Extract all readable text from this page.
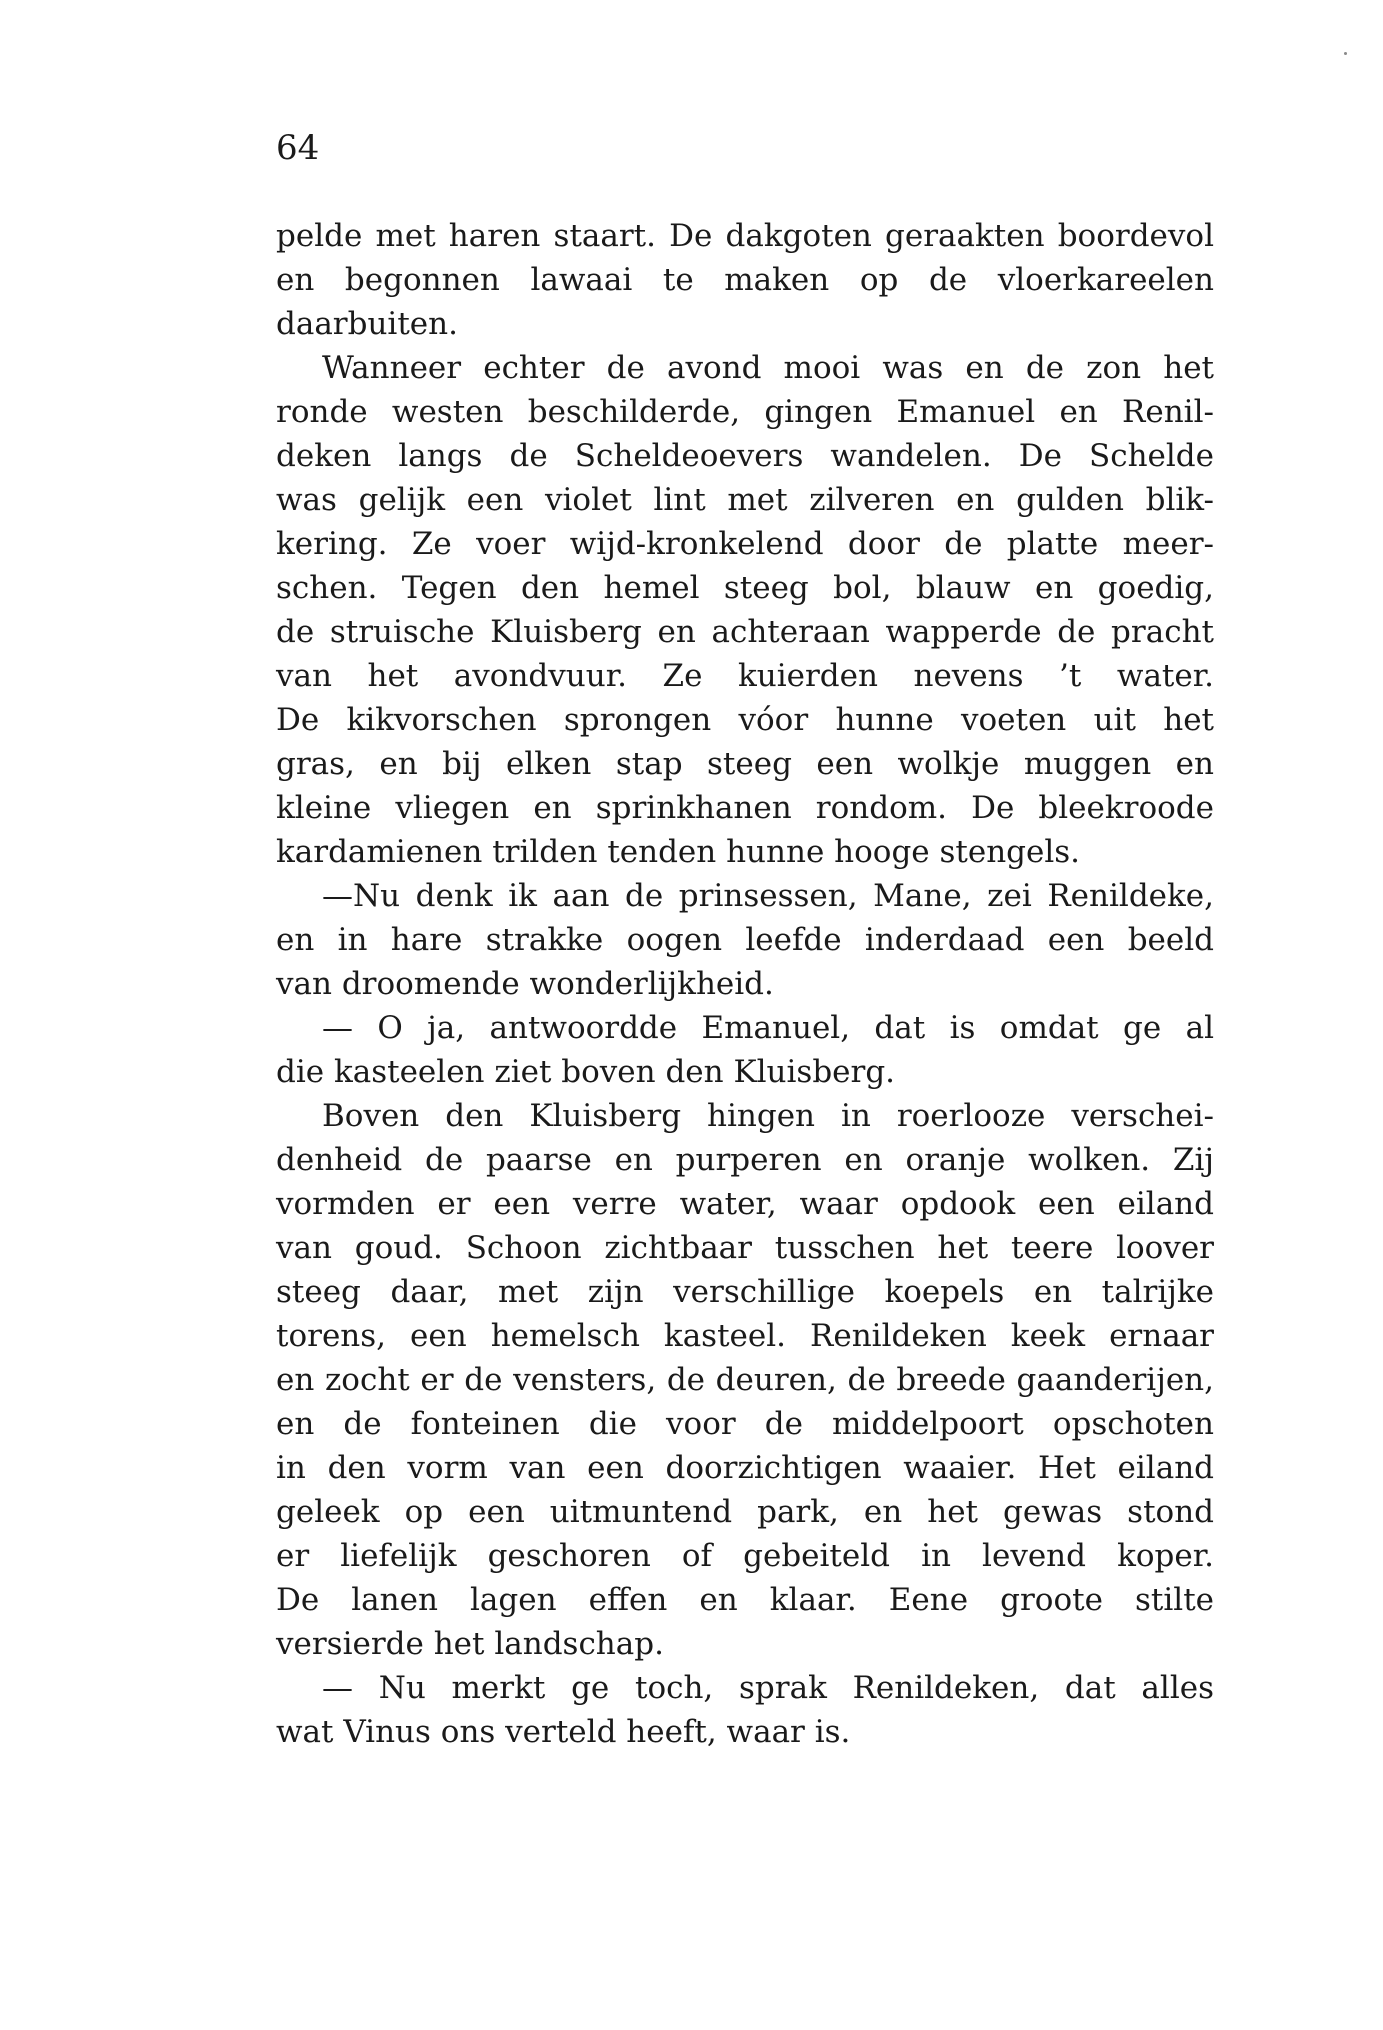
64

pelde met haren staart. De dakgoten geraakten boordevol
en begonnen lawaai te maken op de vloerkareelen
daarbuiten.
Wanneer echter de avond mooi was en de zon het
ronde westen beschilderde, gingen Emanuel en Renil-
deken langs de Scheldeoevers wandelen. De Schelde
was gelijk een violet lint met zilveren en gulden blik-
kering. Ze voer wijd-kronkelend door de platte meer-
schen. Tegen den hemel steeg bol, blauw en goedig,
de struische Kluisberg en achteraan wapperde de pracht
van het avondvuur. Ze kuierden nevens ’t water.
De kikvorschen sprongen vóor hunne voeten uit het
gras, en bij elken stap steeg een wolkje muggen en
kleine vliegen en sprinkhanen rondom. De bleekroode
kardamienen trilden tenden hunne hooge stengels.
—Nu denk ik aan de prinsessen, Mane, zei Renildeke,
en in hare strakke oogen leefde inderdaad een beeld
van droomende wonderlijkheid.
— O ja, antwoordde Emanuel, dat is omdat ge al
die kasteelen ziet boven den Kluisberg.
Boven den Kluisberg hingen in roerlooze verschei-
denheid de paarse en purperen en oranje wolken. Zij
vormden er een verre water, waar opdook een eiland
van goud. Schoon zichtbaar tusschen het teere loover
steeg daar, met zijn verschillige koepels en talrijke
torens, een hemelsch kasteel. Renildeken keek ernaar
en zocht er de vensters, de deuren, de breede gaanderijen,
en de fonteinen die voor de middelpoort opschoten
in den vorm van een doorzichtigen waaier. Het eiland
geleek op een uitmuntend park, en het gewas stond
er liefelijk geschoren of gebeiteld in levend koper.
De lanen lagen effen en klaar. Eene groote stilte
versierde het landschap.
— Nu merkt ge toch, sprak Renildeken, dat alles
wat Vinus ons verteld heeft, waar is.
